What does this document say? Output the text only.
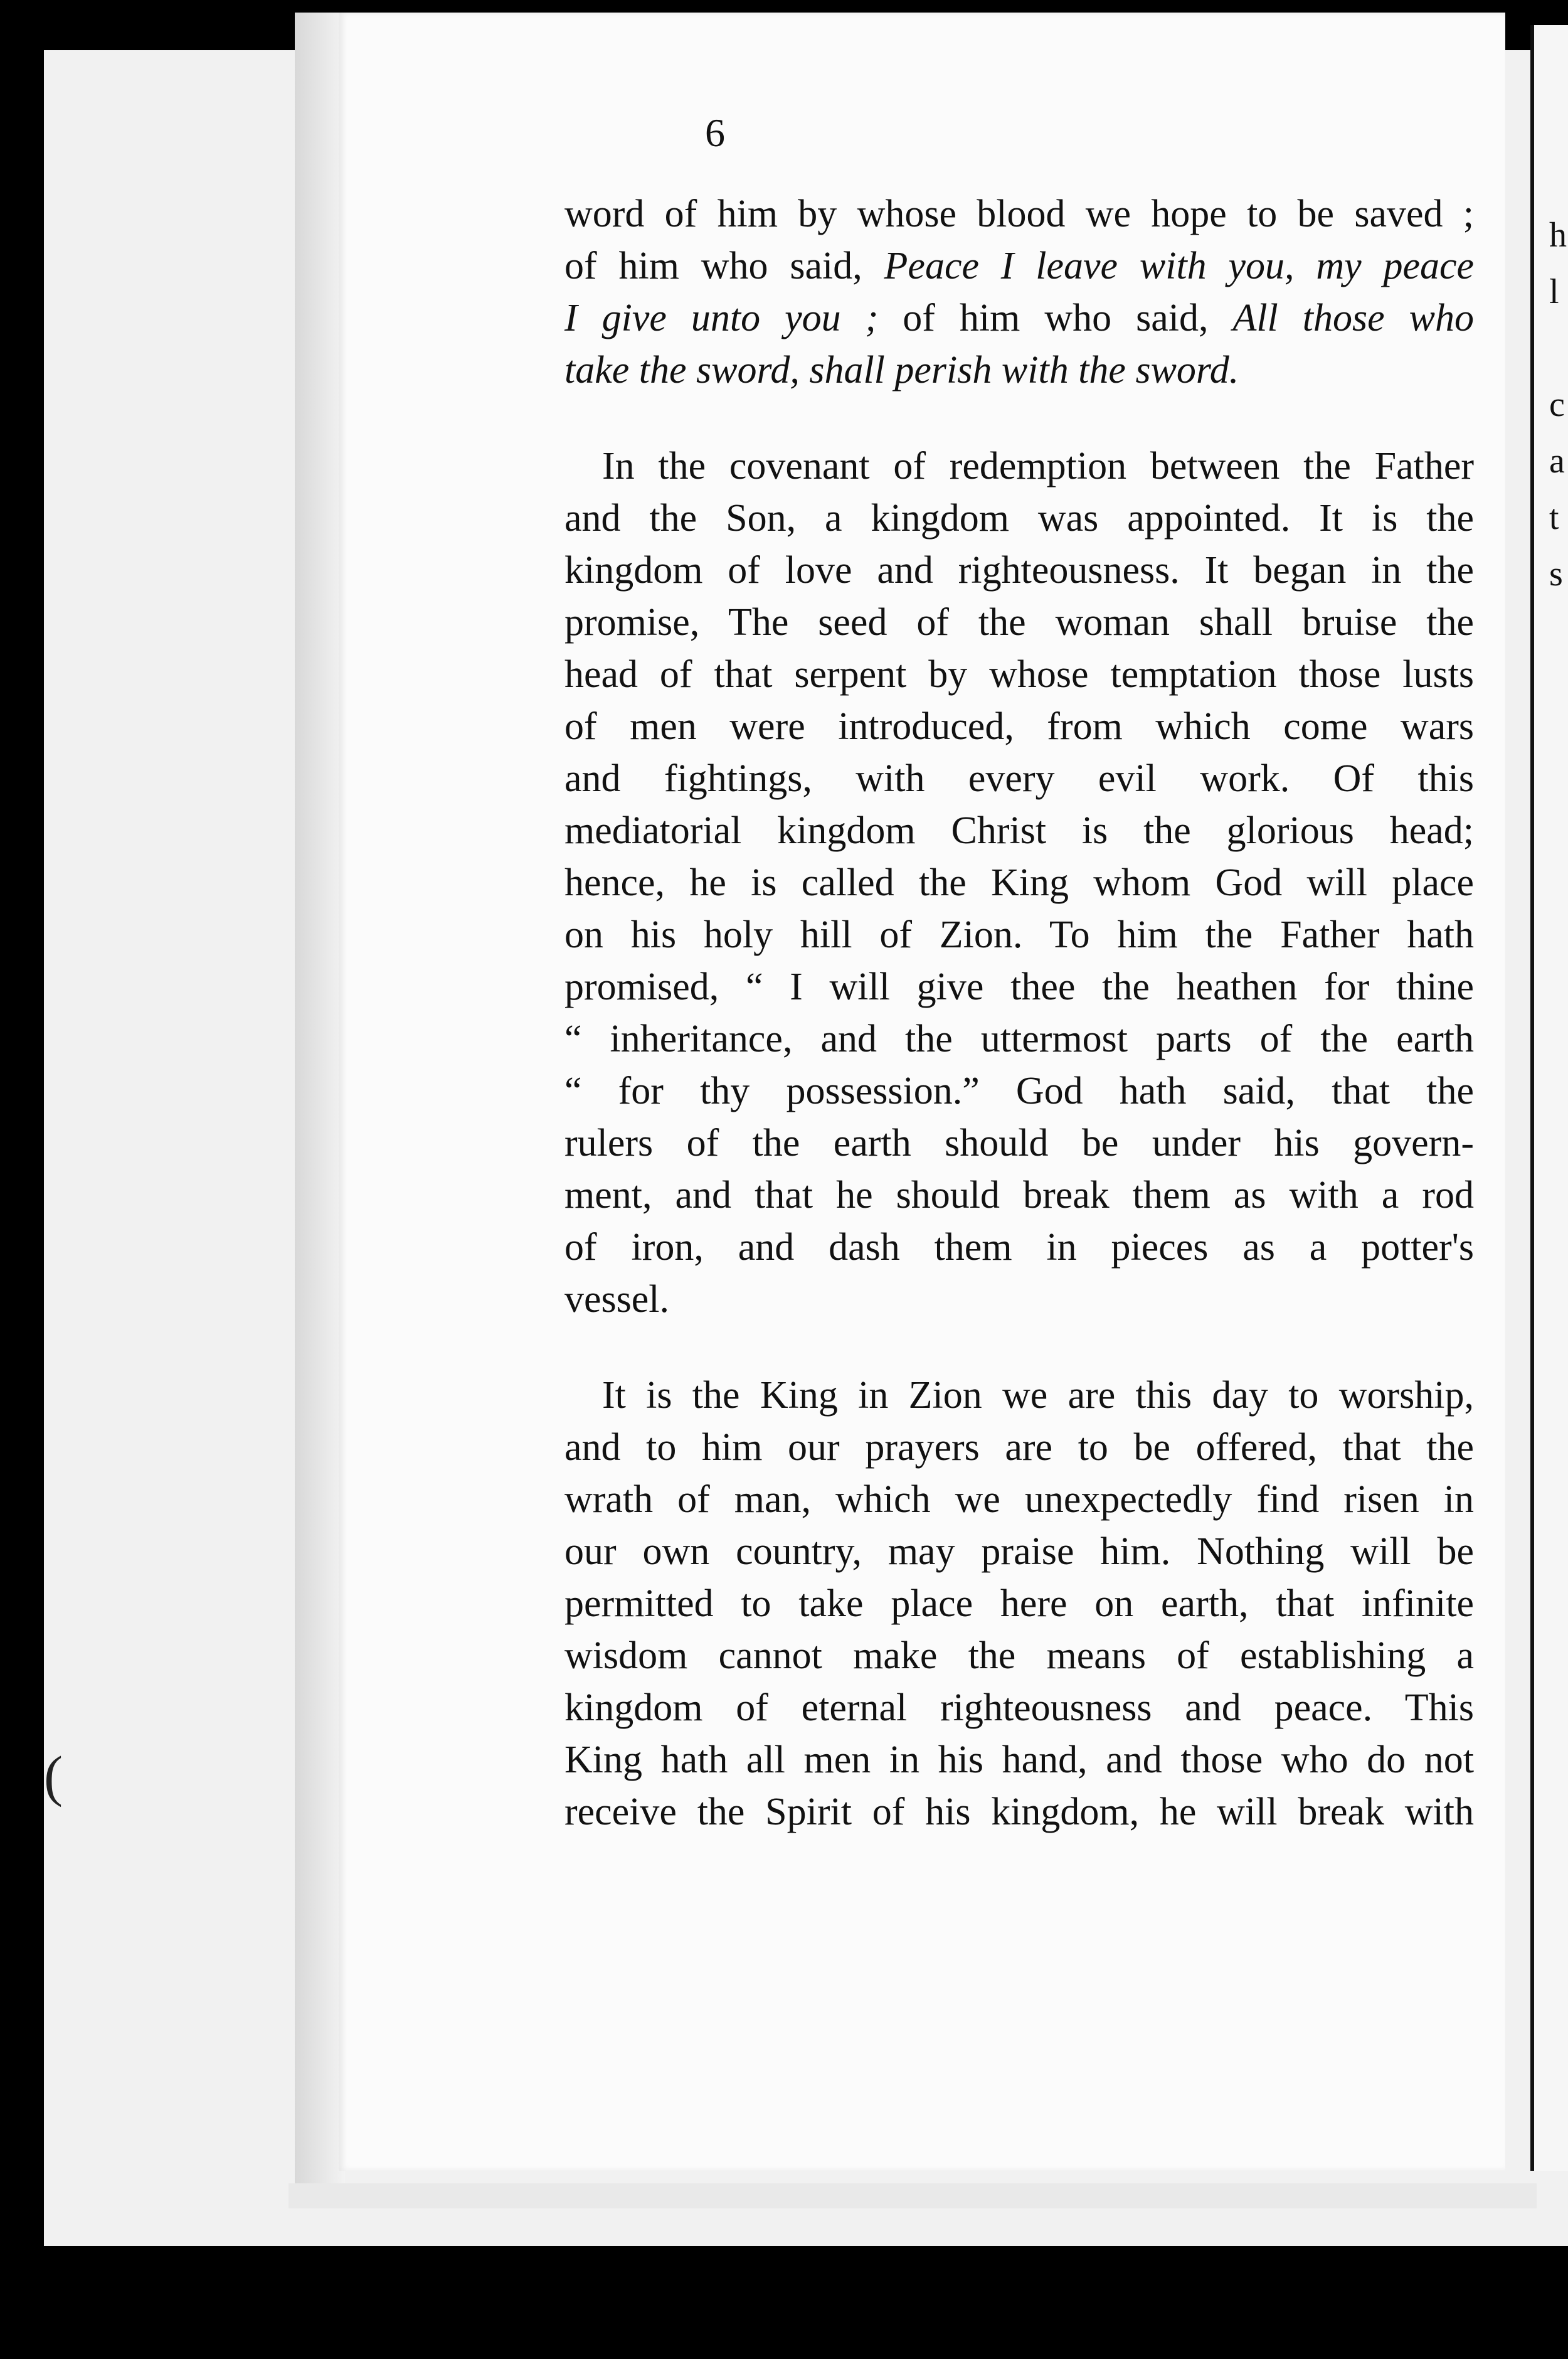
h
l

c
a
t
s
6
word of him by whose blood we hope to be saved ;
of him who said, Peace I leave with you, my peace
I give unto you ; of him who said, All those who
take the sword, shall perish with the sword.
In the covenant of redemption between the Father
and the Son, a kingdom was appointed. It is the
kingdom of love and righteousness. It began in the
promise, The seed of the woman shall bruise the
head of that serpent by whose temptation those lusts
of men were introduced, from which come wars
and fightings, with every evil work. Of this
mediatorial kingdom Christ is the glorious head;
hence, he is called the King whom God will place
on his holy hill of Zion. To him the Father hath
promised, “ I will give thee the heathen for thine
“ inheritance, and the uttermost parts of the earth
“ for thy possession.” God hath said, that the
rulers of the earth should be under his govern-
ment, and that he should break them as with a rod
of iron, and dash them in pieces as a potter's
vessel.
It is the King in Zion we are this day to worship,
and to him our prayers are to be offered, that the
wrath of man, which we unexpectedly find risen in
our own country, may praise him. Nothing will be
permitted to take place here on earth, that infinite
wisdom cannot make the means of establishing a
kingdom of eternal righteousness and peace. This
King hath all men in his hand, and those who do not
receive the Spirit of his kingdom, he will break with
(
